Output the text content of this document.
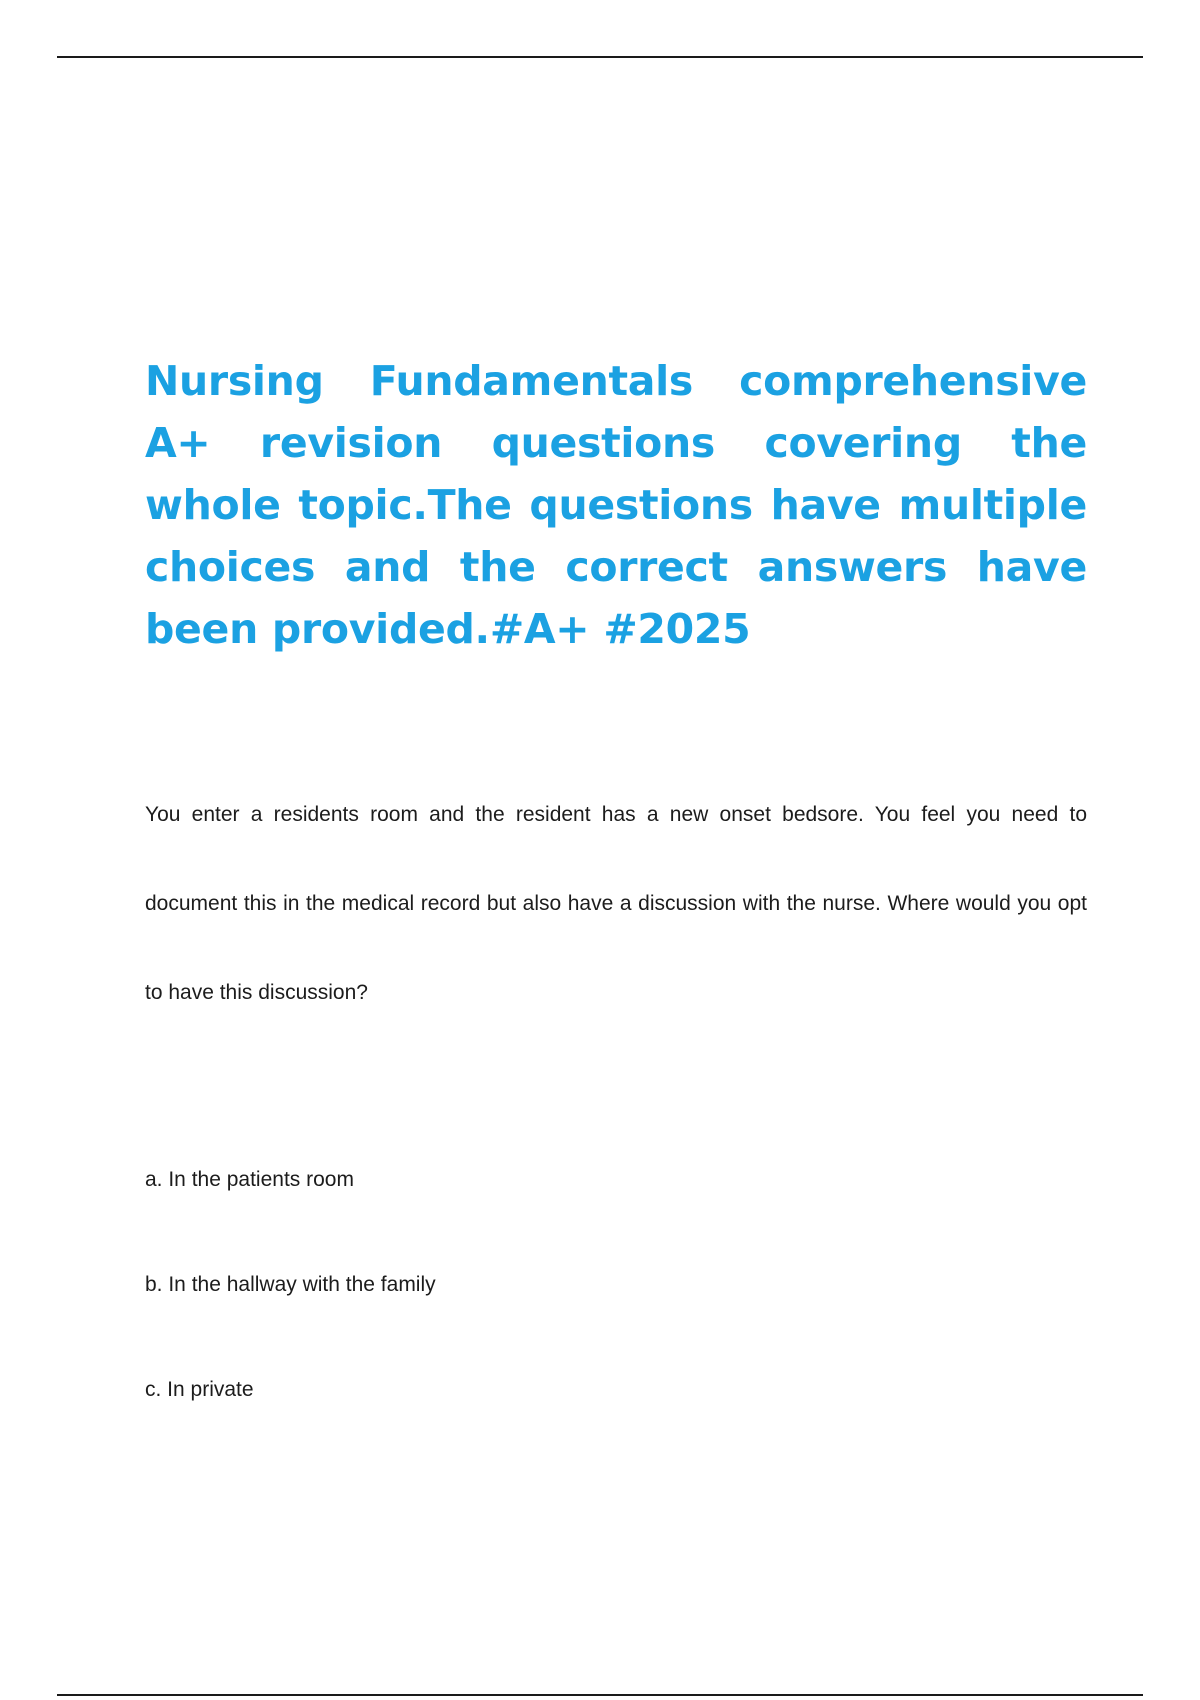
Nursing Fundamentals comprehensive A+ revision questions covering the whole topic.The questions have multiple choices and the correct answers have been provided.#A+ #2025

You enter a residents room and the resident has a new onset bedsore. You feel you need to document this in the medical record but also have a discussion with the nurse. Where would you opt to have this discussion?

a. In the patients room

b. In the hallway with the family

c. In private
